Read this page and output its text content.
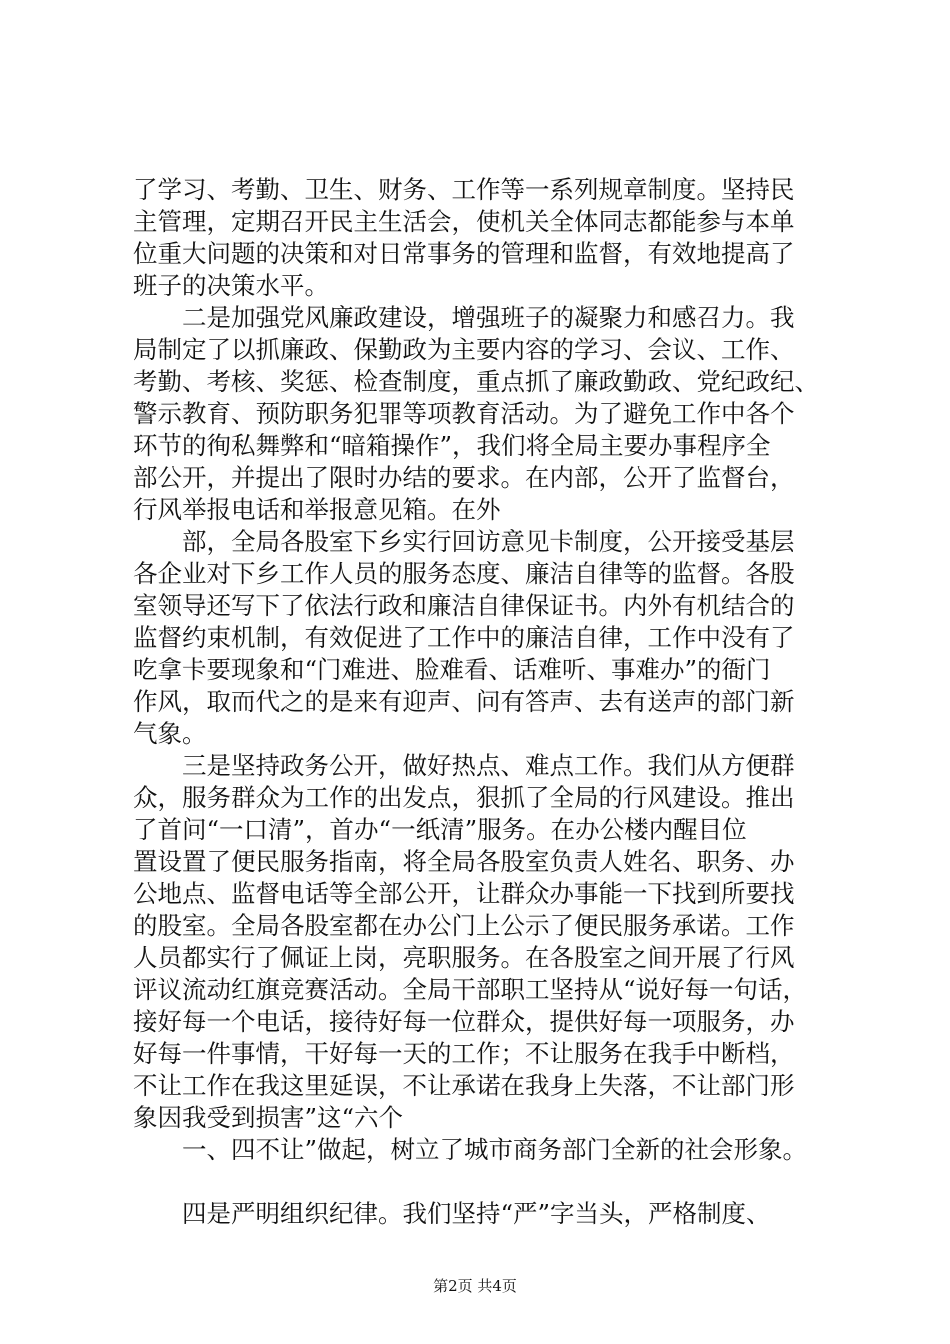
了学习、考勤、卫生、财务、工作等一系列规章制度。坚持民
主管理，定期召开民主生活会，使机关全体同志都能参与本单
位重大问题的决策和对日常事务的管理和监督，有效地提高了
班子的决策水平。
　　二是加强党风廉政建设，增强班子的凝聚力和感召力。我
局制定了以抓廉政、保勤政为主要内容的学习、会议、工作、
考勤、考核、奖惩、检查制度，重点抓了廉政勤政、党纪政纪、
警示教育、预防职务犯罪等项教育活动。为了避免工作中各个
环节的徇私舞弊和“暗箱操作”，我们将全局主要办事程序全
部公开，并提出了限时办结的要求。在内部，公开了监督台，
行风举报电话和举报意见箱。在外
　　部，全局各股室下乡实行回访意见卡制度，公开接受基层
各企业对下乡工作人员的服务态度、廉洁自律等的监督。各股
室领导还写下了依法行政和廉洁自律保证书。内外有机结合的
监督约束机制，有效促进了工作中的廉洁自律，工作中没有了
吃拿卡要现象和“门难进、脸难看、话难听、事难办”的衙门
作风，取而代之的是来有迎声、问有答声、去有送声的部门新
气象。
　　三是坚持政务公开，做好热点、难点工作。我们从方便群
众，服务群众为工作的出发点，狠抓了全局的行风建设。推出
了首问“一口清”，首办“一纸清”服务。在办公楼内醒目位
置设置了便民服务指南，将全局各股室负责人姓名、职务、办
公地点、监督电话等全部公开，让群众办事能一下找到所要找
的股室。全局各股室都在办公门上公示了便民服务承诺。工作
人员都实行了佩证上岗，亮职服务。在各股室之间开展了行风
评议流动红旗竞赛活动。全局干部职工坚持从“说好每一句话，
接好每一个电话，接待好每一位群众，提供好每一项服务，办
好每一件事情，干好每一天的工作；不让服务在我手中断档，
不让工作在我这里延误，不让承诺在我身上失落，不让部门形
象因我受到损害”这“六个
　　一、四不让”做起，树立了城市商务部门全新的社会形象。
　　四是严明组织纪律。我们坚持“严”字当头，严格制度、
第2页 共4页
